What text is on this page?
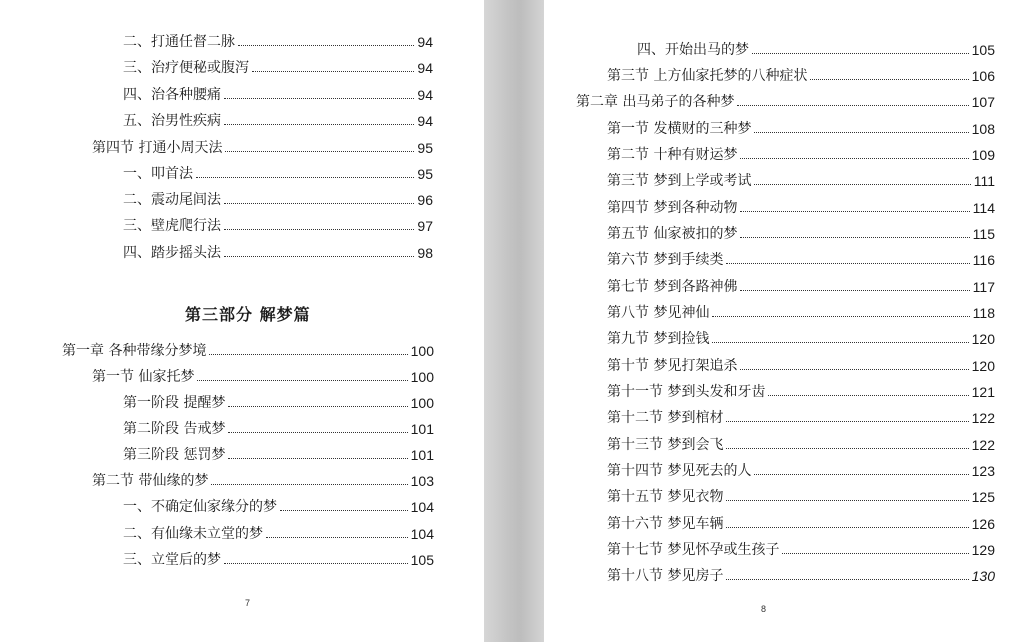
二、打通任督二脉	94
三、治疗便秘或腹泻	94
四、治各种腰痛	94
五、治男性疾病	94
第四节 打通小周天法	95
一、叩首法	95
二、震动尾闾法	96
三、壁虎爬行法	97
四、踏步摇头法	98
第三部分 解梦篇
第一章 各种带缘分梦境	100
第一节 仙家托梦	100
第一阶段 提醒梦	100
第二阶段 告戒梦	101
第三阶段 惩罚梦	101
第二节 带仙缘的梦	103
一、不确定仙家缘分的梦	104
二、有仙缘未立堂的梦	104
三、立堂后的梦	105
7
四、开始出马的梦	105
第三节 上方仙家托梦的八种症状	106
第二章 出马弟子的各种梦	107
第一节 发横财的三种梦	108
第二节 十种有财运梦	109
第三节 梦到上学或考试	111
第四节 梦到各种动物	114
第五节 仙家被扣的梦	115
第六节 梦到手续类	116
第七节 梦到各路神佛	117
第八节 梦见神仙	118
第九节 梦到捡钱	120
第十节 梦见打架追杀	120
第十一节 梦到头发和牙齿	121
第十二节 梦到棺材	122
第十三节 梦到会飞	122
第十四节 梦见死去的人	123
第十五节 梦见衣物	125
第十六节 梦见车辆	126
第十七节 梦见怀孕或生孩子	129
第十八节 梦见房子	130
8
